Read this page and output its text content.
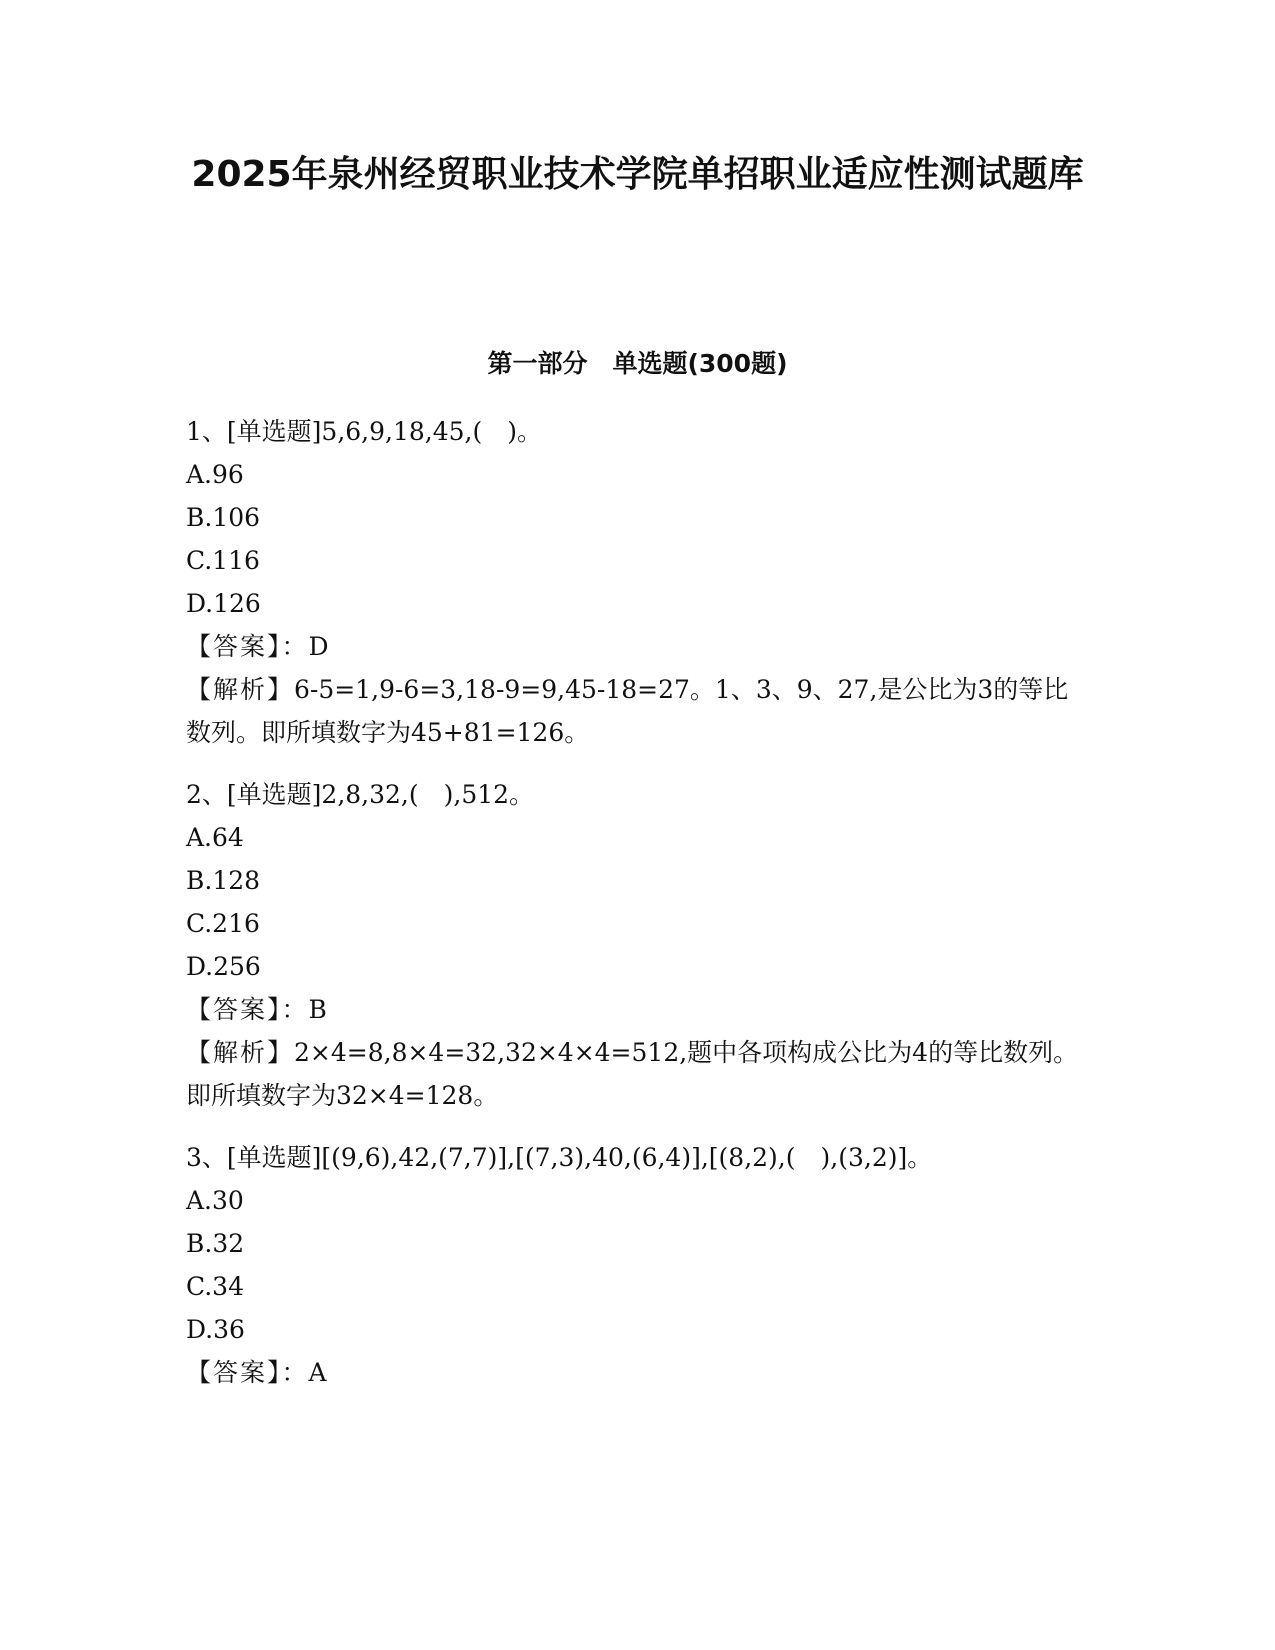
2025年泉州经贸职业技术学院单招职业适应性测试题库
第一部分　单选题(300题)

1、[单选题]5,6,9,18,45,(　)。

A.96

B.106

C.116

D.126

【答案】：D

【解析】6-5=1,9-6=3,18-9=9,45-18=27。1、3、9、27,是公比为3的等比数列。即所填数字为45+81=126。

2、[单选题]2,8,32,(　),512。

A.64

B.128

C.216

D.256

【答案】：B

【解析】2×4=8,8×4=32,32×4×4=512,题中各项构成公比为4的等比数列。即所填数字为32×4=128。

3、[单选题][(9,6),42,(7,7)],[(7,3),40,(6,4)],[(8,2),(　),(3,2)]。

A.30

B.32

C.34

D.36

【答案】：A
